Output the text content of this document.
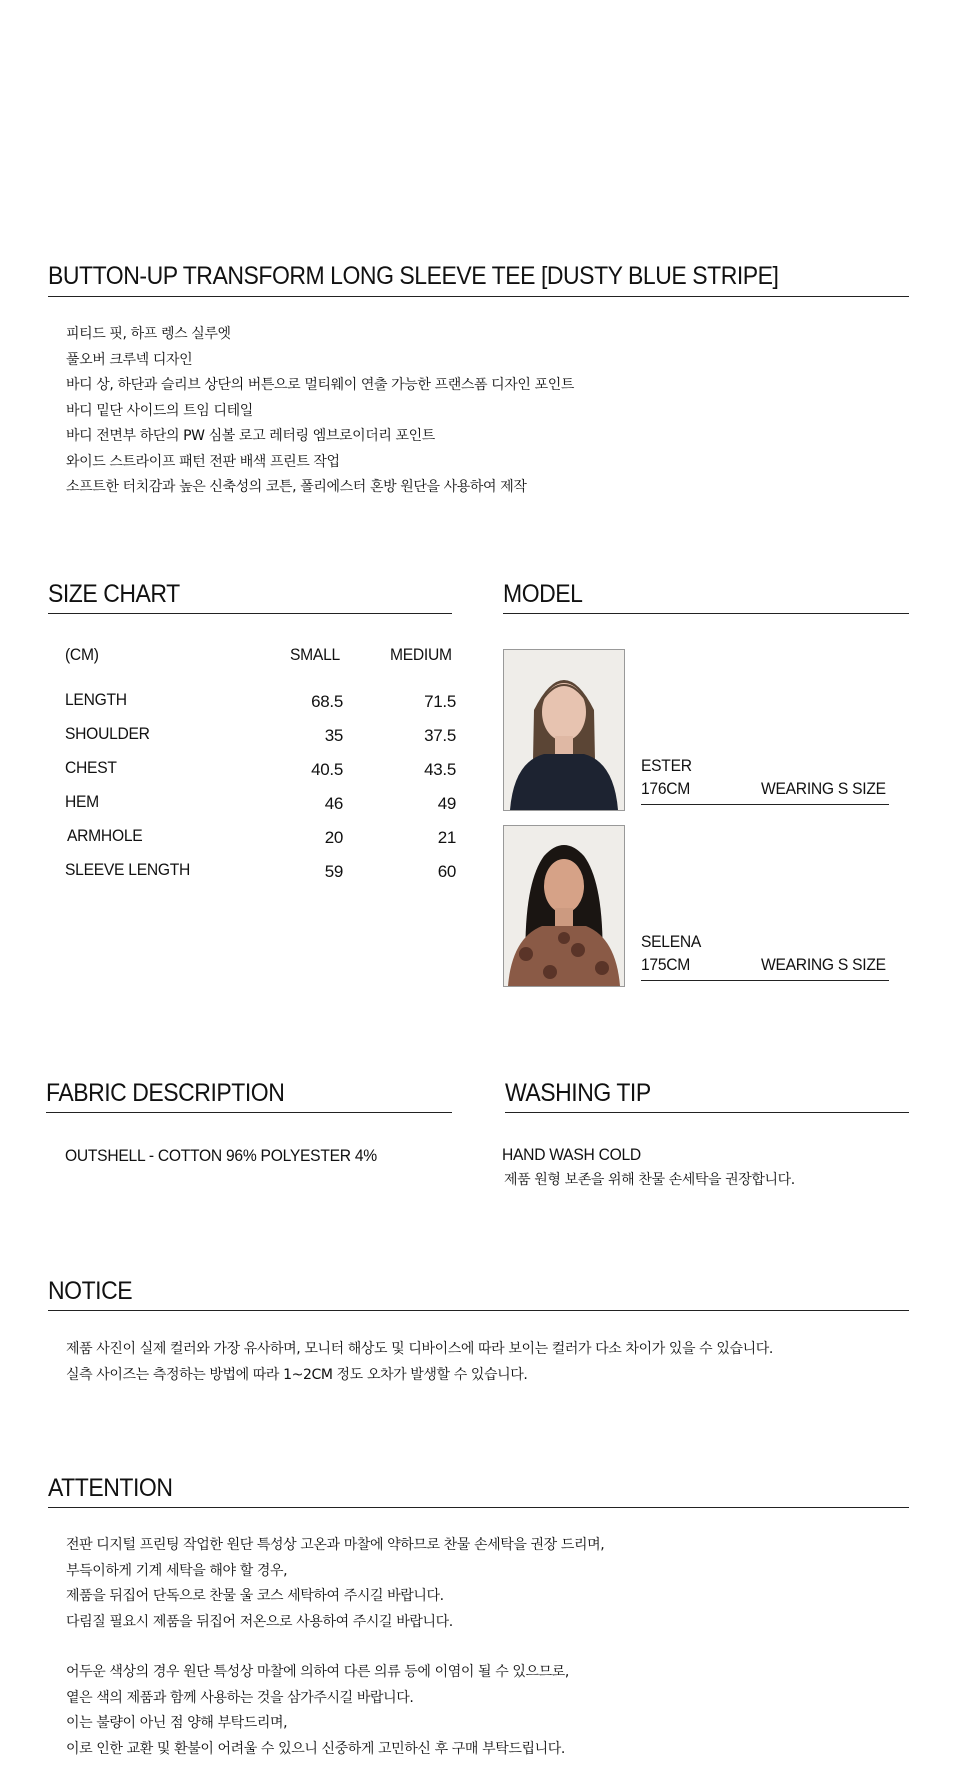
BUTTON-UP TRANSFORM LONG SLEEVE TEE [DUSTY BLUE STRIPE]
피티드 핏, 하프 렝스 실루엣
풀오버 크루넥 디자인
바디 상, 하단과 슬리브 상단의 버튼으로 멀티웨이 연출 가능한 프랜스폼 디자인 포인트
바디 밑단 사이드의 트임 디테일
바디 전면부 하단의 PW 심볼 로고 레터링 엠브로이더리 포인트
와이드 스트라이프 패턴 전판 배색 프린트 작업
소프트한 터치감과 높은 신축성의 코튼, 폴리에스터 혼방 원단을 사용하여 제작
SIZE CHART
(CM)	SMALL	MEDIUM
LENGTH	68.5	71.5
SHOULDER	35	37.5
CHEST	40.5	43.5
HEM	46	49
ARMHOLE	20	21
SLEEVE LENGTH	59	60
MODEL
ESTER
176CM	WEARING S SIZE
SELENA
175CM	WEARING S SIZE
FABRIC DESCRIPTION
OUTSHELL - COTTON 96% POLYESTER 4%
WASHING TIP
HAND WASH COLD
제품 원형 보존을 위해 찬물 손세탁을 권장합니다.
NOTICE
제품 사진이 실제 컬러와 가장 유사하며, 모니터 해상도 및 디바이스에 따라 보이는 컬러가 다소 차이가 있을 수 있습니다.
실측 사이즈는 측정하는 방법에 따라 1~2CM 정도 오차가 발생할 수 있습니다.
ATTENTION
전판 디지털 프린팅 작업한 원단 특성상 고온과 마찰에 약하므로 찬물 손세탁을 권장 드리며,
부득이하게 기계 세탁을 해야 할 경우,
제품을 뒤집어 단독으로 찬물 울 코스 세탁하여 주시길 바랍니다.
다림질 필요시 제품을 뒤집어 저온으로 사용하여 주시길 바랍니다.
어두운 색상의 경우 원단 특성상 마찰에 의하여 다른 의류 등에 이염이 될 수 있으므로,
옅은 색의 제품과 함께 사용하는 것을 삼가주시길 바랍니다.
이는 불량이 아닌 점 양해 부탁드리며,
이로 인한 교환 및 환불이 어려울 수 있으니 신중하게 고민하신 후 구매 부탁드립니다.
